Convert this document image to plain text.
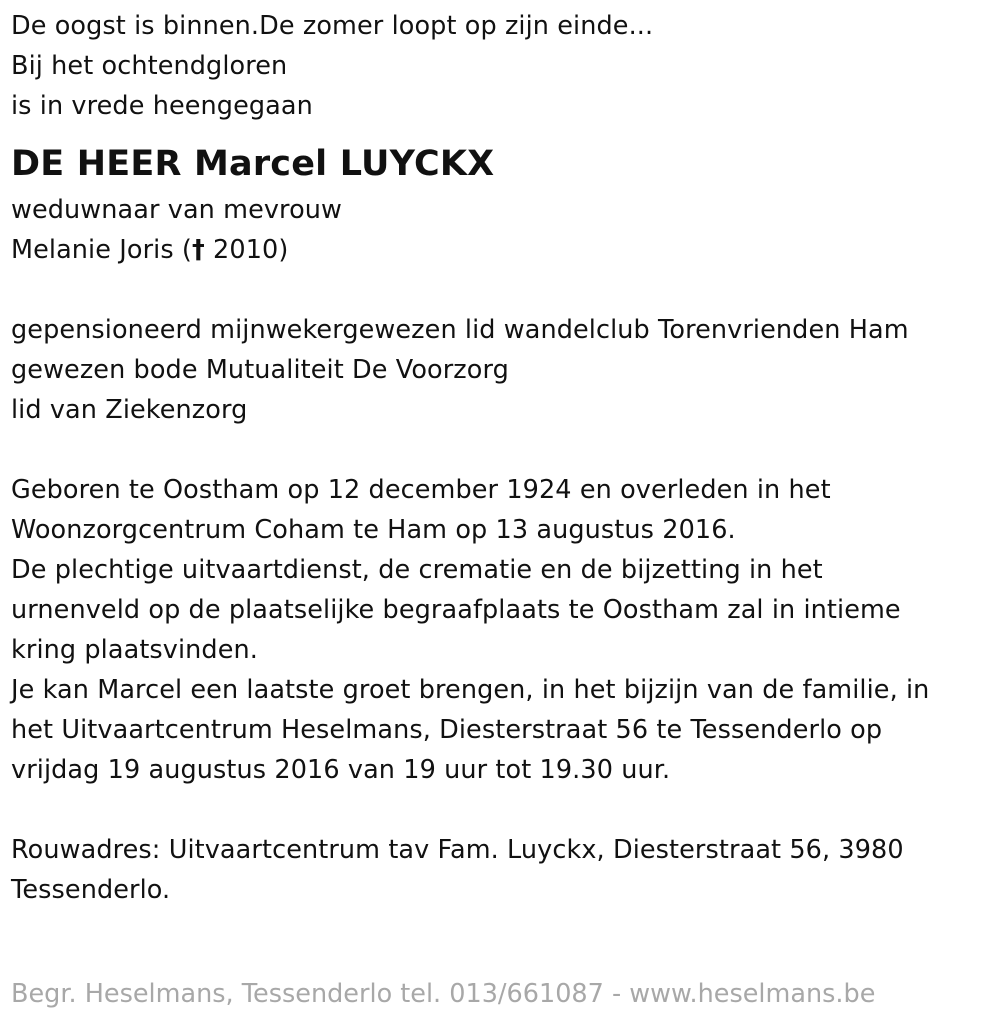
De oogst is binnen.De zomer loopt op zijn einde...
Bij het ochtendgloren
is in vrede heengegaan
DE HEER Marcel LUYCKX
weduwnaar van mevrouw
Melanie Joris († 2010)
gepensioneerd mijnwekergewezen lid wandelclub Torenvrienden Ham
gewezen bode Mutualiteit De Voorzorg
lid van Ziekenzorg
Geboren te Oostham op 12 december 1924 en overleden in het
Woonzorgcentrum Coham te Ham op 13 augustus 2016.
De plechtige uitvaartdienst, de crematie en de bijzetting in het
urnenveld op de plaatselijke begraafplaats te Oostham zal in intieme
kring plaatsvinden.
Je kan Marcel een laatste groet brengen, in het bijzijn van de familie, in
het Uitvaartcentrum Heselmans, Diesterstraat 56 te Tessenderlo op
vrijdag 19 augustus 2016 van 19 uur tot 19.30 uur.
Rouwadres: Uitvaartcentrum tav Fam. Luyckx, Diesterstraat 56, 3980
Tessenderlo.
Begr. Heselmans, Tessenderlo tel. 013/661087 - www.heselmans.be
